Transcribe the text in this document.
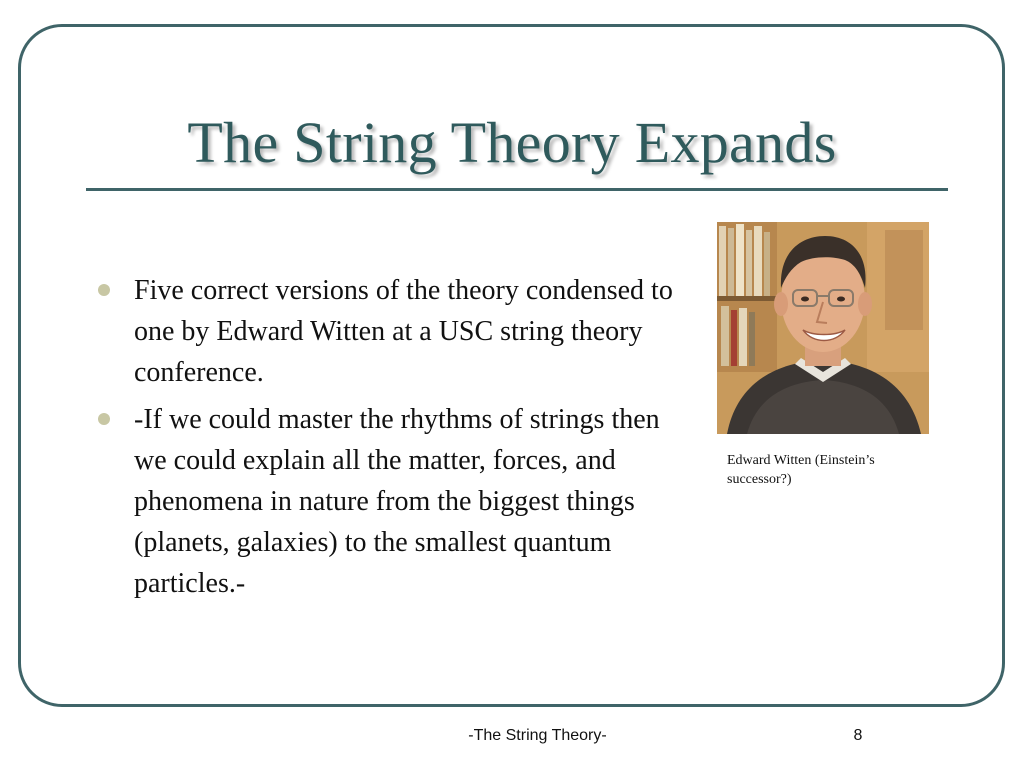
The String Theory Expands
Five correct versions of the theory condensed to one by Edward Witten at a USC string theory conference.
-If we could master the rhythms of strings then we could explain all the matter, forces, and phenomena in nature from the biggest things (planets, galaxies) to the smallest quantum particles.-
Edward Witten (Einstein’s successor?)
-The String Theory-	8
